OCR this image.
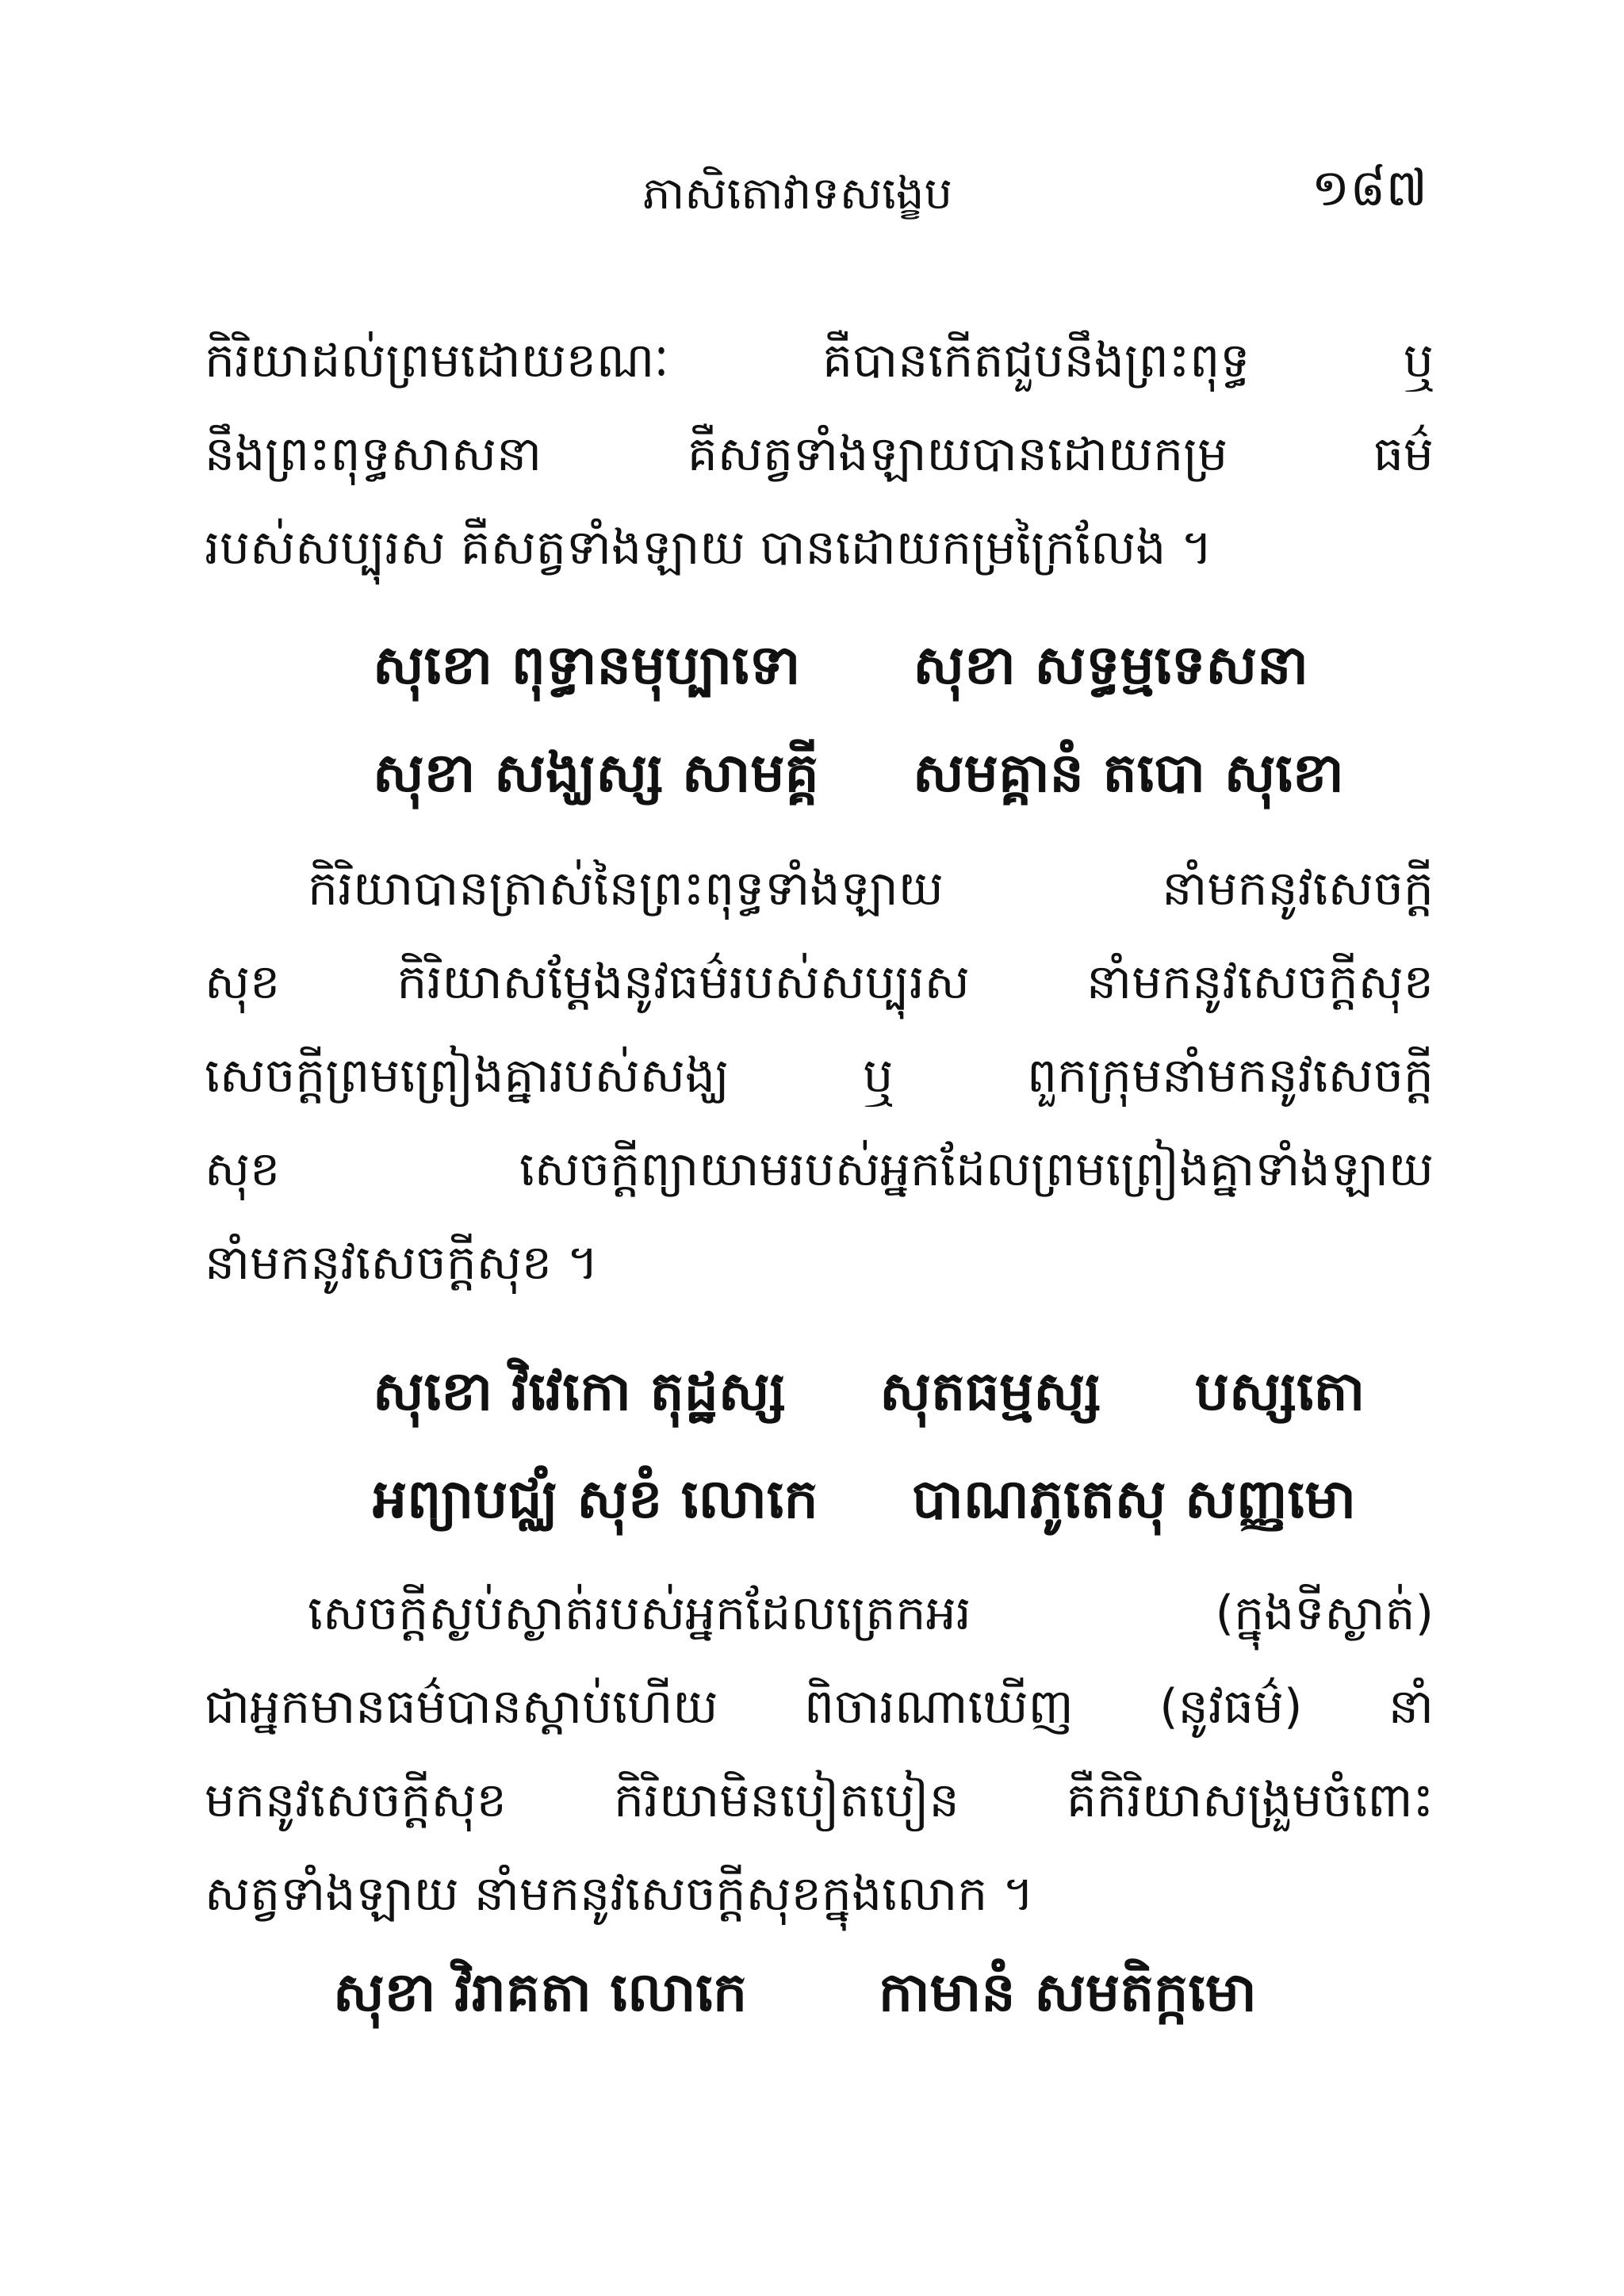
ភាសិតោវាទសង្ខេប	១៨៧
កិរិយាដល់ព្រមដោយខណៈ គឺបានកើតជួបនឹងព្រះពុទ្ធ ឬ
នឹងព្រះពុទ្ធសាសនា គឺសត្វទាំងឡាយបានដោយកម្រ ធម៌
របស់សប្បុរស គឺសត្វទាំងឡាយ បានដោយកម្រក្រៃលែង ។
សុខោ ពុទ្ធានមុប្បាទោ      សុខា សទ្ធម្មទេសនា
សុខា សង្ឃស្ស សាមគ្គី     សមគ្គានំ តបោ សុខោ
កិរិយាបានត្រាស់នៃព្រះពុទ្ធទាំងឡាយ នាំមកនូវសេចក្តី
សុខ កិរិយាសម្តែងនូវធម៌របស់សប្បុរស នាំមកនូវសេចក្តីសុខ
សេចក្តីព្រមព្រៀងគ្នារបស់សង្ឃ ឬ ពួកក្រុមនាំមកនូវសេចក្តី
សុខ សេចក្តីព្យាយាមរបស់អ្នកដែលព្រមព្រៀងគ្នាទាំងឡាយ
នាំមកនូវសេចក្តីសុខ ។
សុខោ វិវេកោ តុដ្ឋស្ស     សុតធម្មស្ស     បស្សតោ
អព្យាបជ្ឈំ សុខំ លោកេ     បាណភូតេសុ សញ្ញមោ
សេចក្តីស្ងប់ស្ងាត់របស់អ្នកដែលត្រេកអរ (ក្នុងទីស្ងាត់)
ជាអ្នកមានធម៌បានស្តាប់ហើយ ពិចារណាឃើញ (នូវធម៌) នាំ
មកនូវសេចក្តីសុខ កិរិយាមិនបៀតបៀន គឺកិរិយាសង្រួមចំពោះ
សត្វទាំងឡាយ នាំមកនូវសេចក្តីសុខក្នុងលោក ។
សុខា វិរាគតា លោកេ       កាមានំ សមតិក្កមោ
